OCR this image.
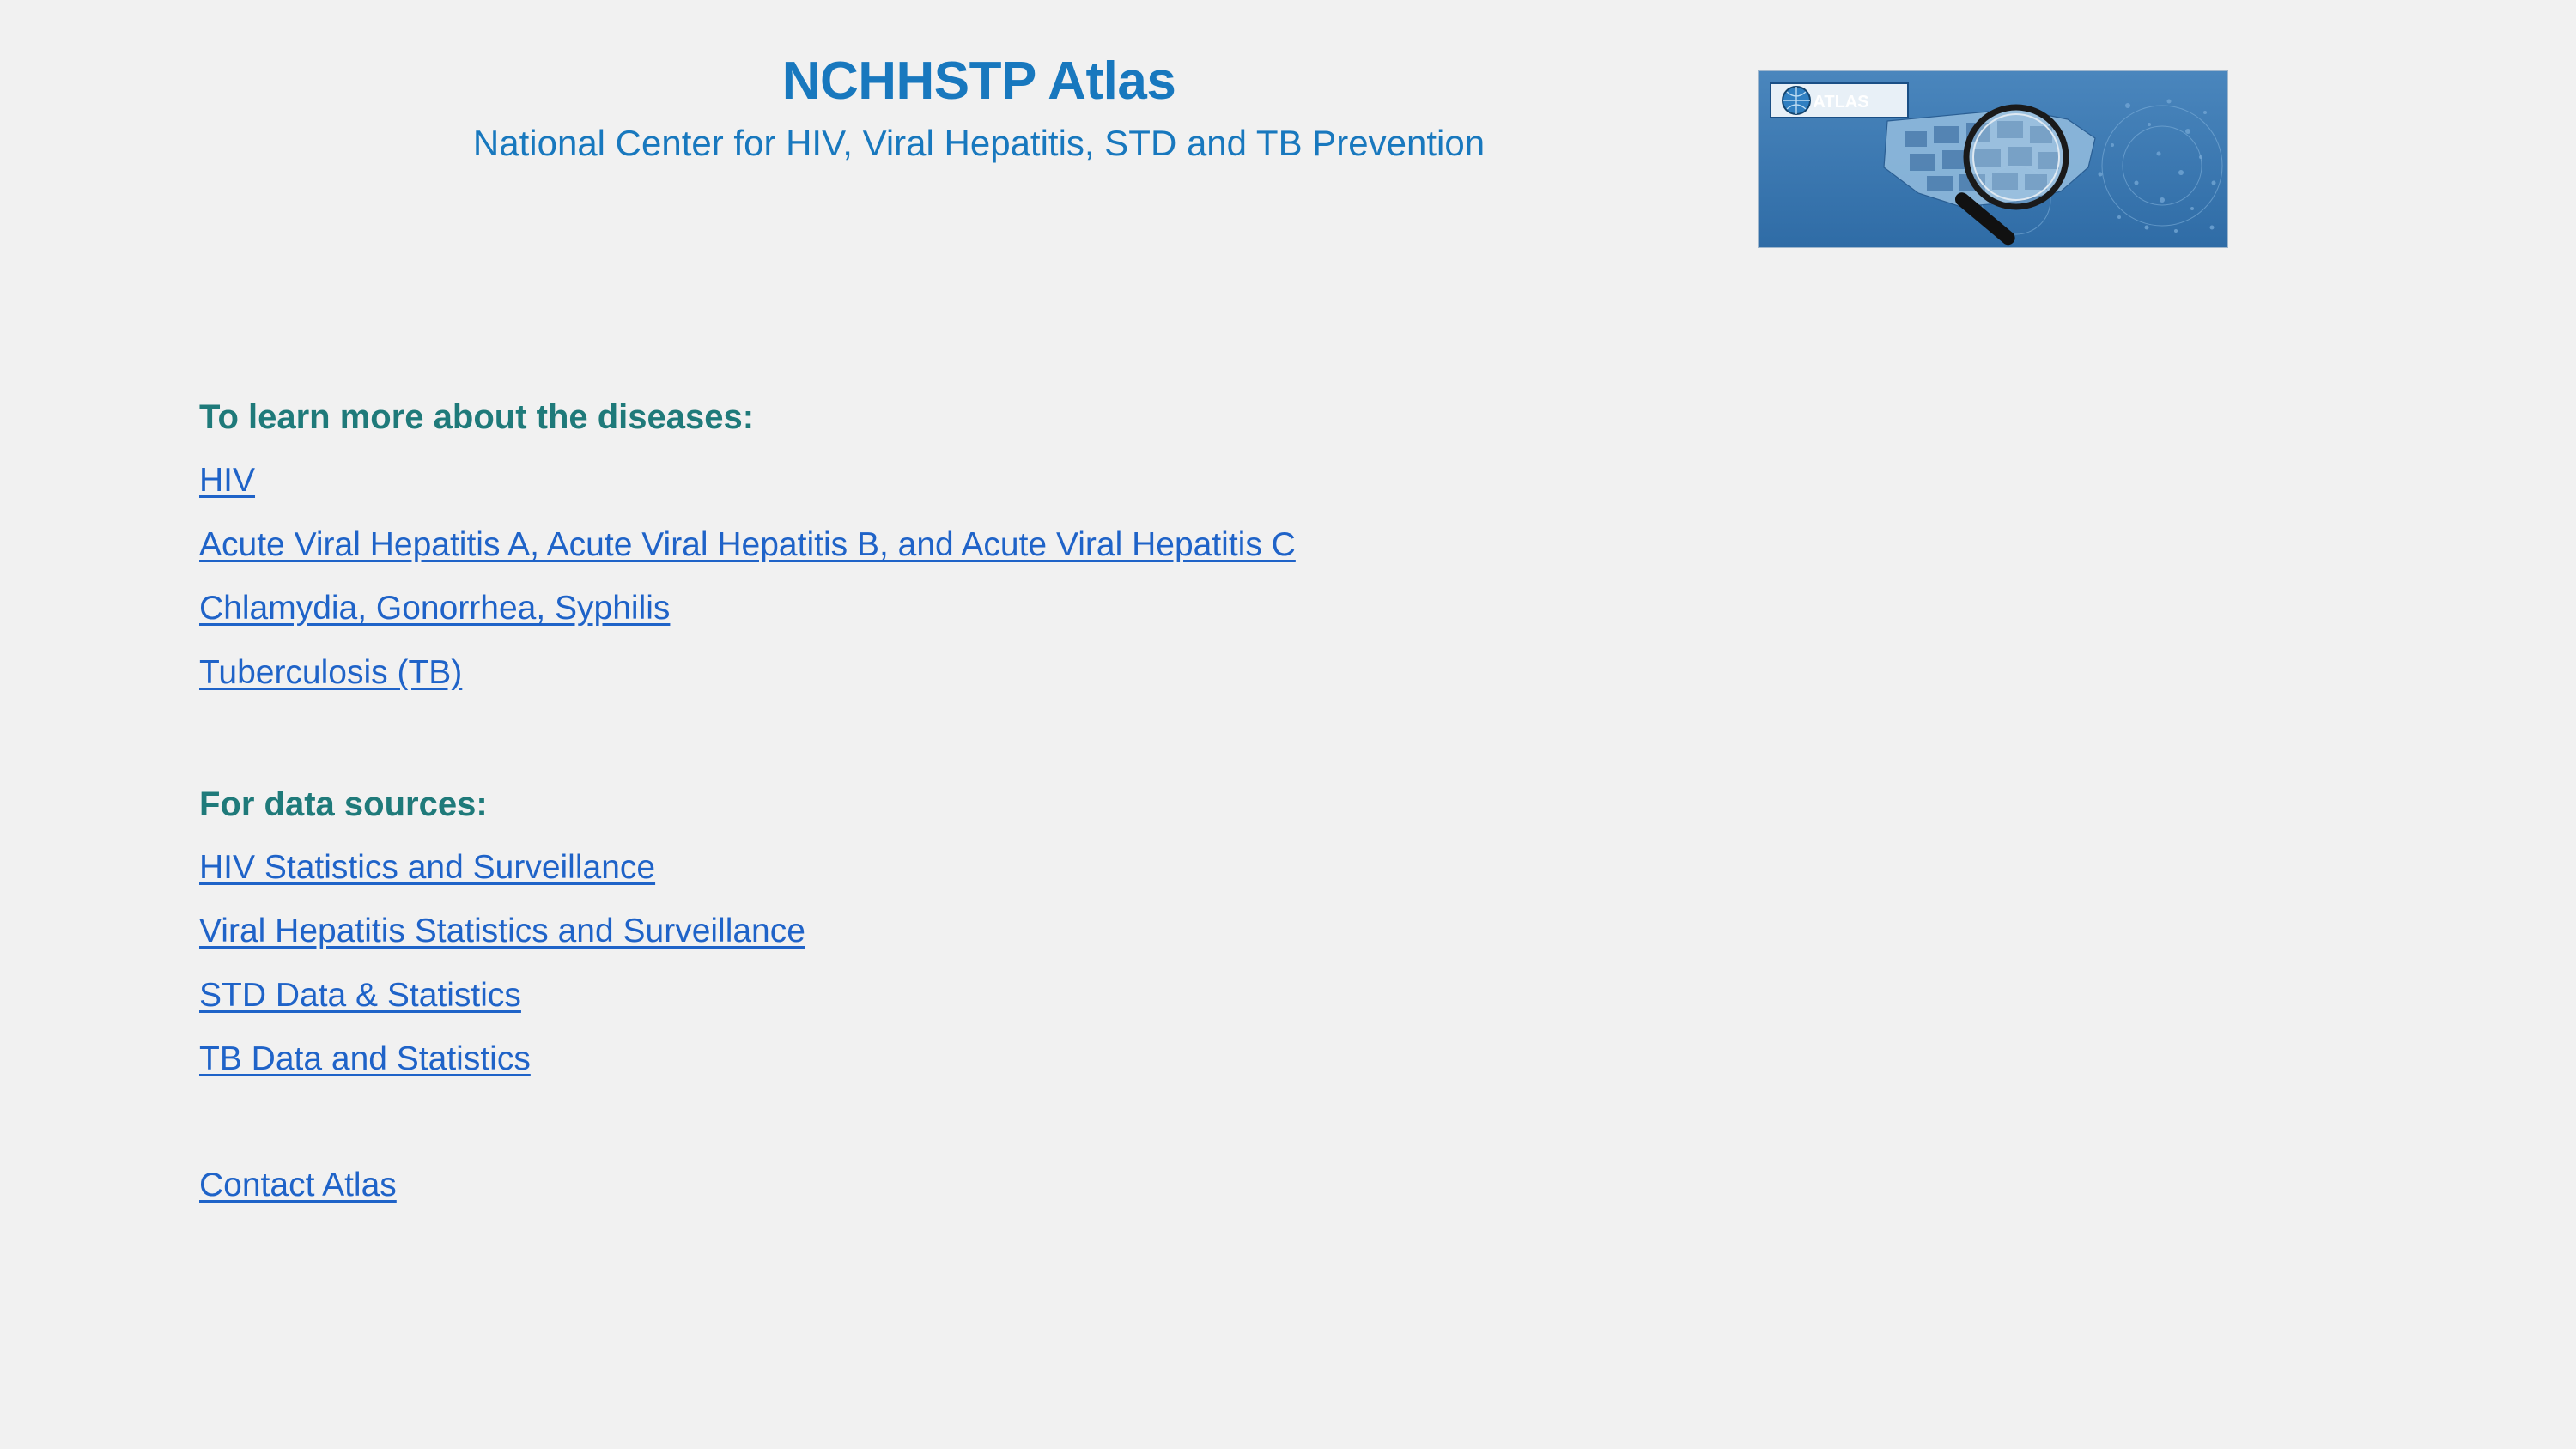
NCHHSTP Atlas
National Center for HIV, Viral Hepatitis, STD and TB Prevention
ATLAS
To learn more about the diseases:
HIV
Acute Viral Hepatitis A, Acute Viral Hepatitis B, and Acute Viral Hepatitis C
Chlamydia, Gonorrhea, Syphilis
Tuberculosis (TB)
For data sources:
HIV Statistics and Surveillance
Viral Hepatitis Statistics and Surveillance
STD Data & Statistics
TB Data and Statistics
Contact Atlas
